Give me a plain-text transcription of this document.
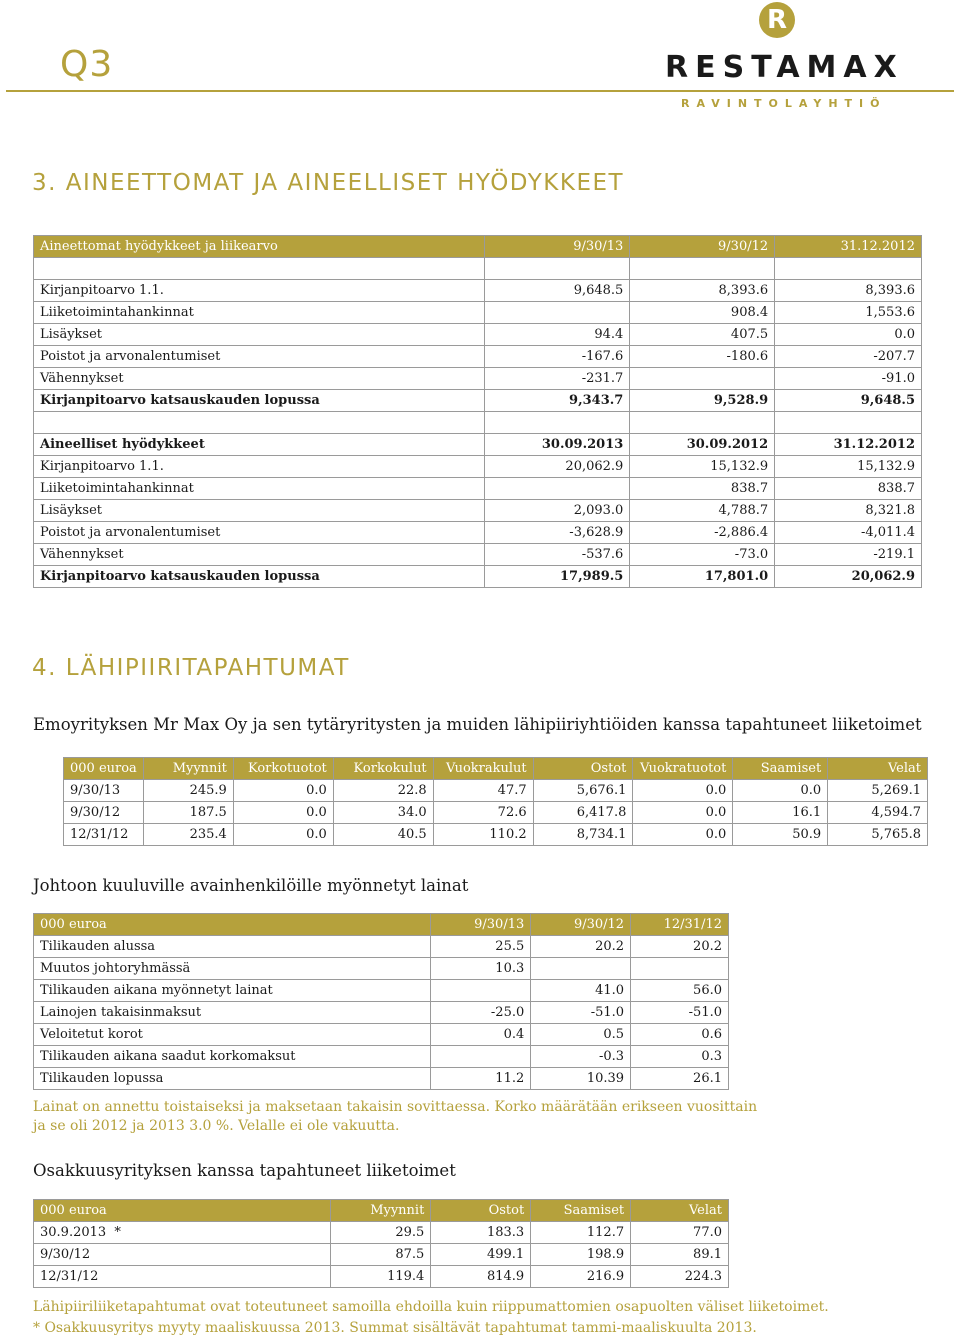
Q3
R
RESTAMAX
RAVINTOLAYHTIÖ
3. AINEETTOMAT JA AINEELLISET HYÖDYKKEET
Aineettomat hyödykkeet ja liikearvo	9/30/13	9/30/12	31.12.2012

Kirjanpitoarvo 1.1.	9,648.5	8,393.6	8,393.6
Liiketoimintahankinnat		908.4	1,553.6
Lisäykset	94.4	407.5	0.0
Poistot ja arvonalentumiset	-167.6	-180.6	-207.7
Vähennykset	-231.7		-91.0
Kirjanpitoarvo katsauskauden lopussa	9,343.7	9,528.9	9,648.5

Aineelliset hyödykkeet	30.09.2013	30.09.2012	31.12.2012
Kirjanpitoarvo 1.1.	20,062.9	15,132.9	15,132.9
Liiketoimintahankinnat		838.7	838.7
Lisäykset	2,093.0	4,788.7	8,321.8
Poistot ja arvonalentumiset	-3,628.9	-2,886.4	-4,011.4
Vähennykset	-537.6	-73.0	-219.1
Kirjanpitoarvo katsauskauden lopussa	17,989.5	17,801.0	20,062.9
4. LÄHIPIIRITAPAHTUMAT
Emoyrityksen Mr Max Oy ja sen tytäryritysten ja muiden lähipiiriyhtiöiden kanssa tapahtuneet liiketoimet
000 euroa	Myynnit	Korkotuotot	Korkokulut	Vuokrakulut	Ostot	Vuokratuotot	Saamiset	Velat
9/30/13	245.9	0.0	22.8	47.7	5,676.1	0.0	0.0	5,269.1
9/30/12	187.5	0.0	34.0	72.6	6,417.8	0.0	16.1	4,594.7
12/31/12	235.4	0.0	40.5	110.2	8,734.1	0.0	50.9	5,765.8
Johtoon kuuluville avainhenkilöille myönnetyt lainat
000 euroa	9/30/13	9/30/12	12/31/12
Tilikauden alussa	25.5	20.2	20.2
Muutos johtoryhmässä	10.3		
Tilikauden aikana myönnetyt lainat		41.0	56.0
Lainojen takaisinmaksut	-25.0	-51.0	-51.0
Veloitetut korot	0.4	0.5	0.6
Tilikauden aikana saadut korkomaksut		-0.3	0.3
Tilikauden lopussa	11.2	10.39	26.1
Lainat on annettu toistaiseksi ja maksetaan takaisin sovittaessa. Korko määrätään erikseen vuosittain
ja se oli 2012 ja 2013 3.0 %. Velalle ei ole vakuutta.
Osakkuusyrityksen kanssa tapahtuneet liiketoimet
000 euroa	Myynnit	Ostot	Saamiset	Velat
30.9.2013  *	29.5	183.3	112.7	77.0
9/30/12	87.5	499.1	198.9	89.1
12/31/12	119.4	814.9	216.9	224.3
Lähipiiriliiketapahtumat ovat toteutuneet samoilla ehdoilla kuin riippumattomien osapuolten väliset liiketoimet.
* Osakkuusyritys myyty maaliskuussa 2013. Summat sisältävät tapahtumat tammi-maaliskuulta 2013.
